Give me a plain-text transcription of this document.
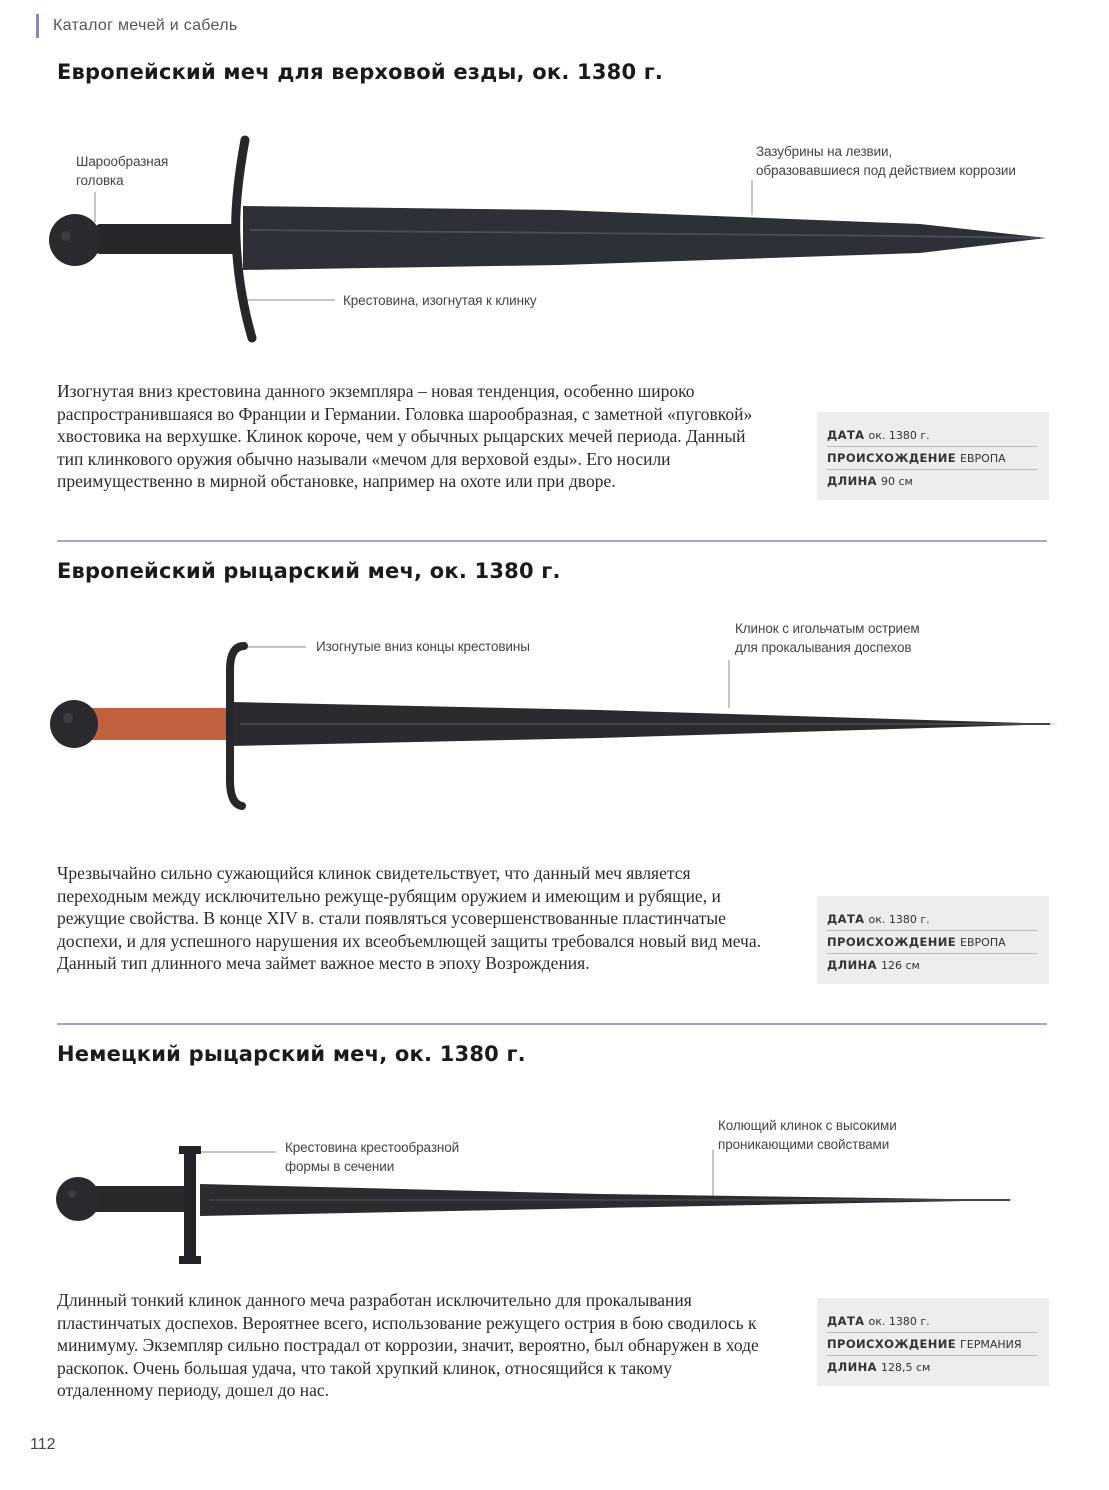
Каталог мечей и сабель
Европейский меч для верховой езды, ок. 1380 г.
Шарообразная
головка
Зазубрины на лезвии,
образовавшиеся под действием коррозии
Крестовина, изогнутая к клинку
Изогнутая вниз крестовина данного экземпляра – новая тенденция, особенно широко распространившаяся во Франции и Германии. Головка шарообразная, с заметной «пуговкой» хвостовика на верхушке. Клинок короче, чем у обычных рыцарских мечей периода. Данный тип клинкового оружия обычно называли «мечом для верховой езды». Его носили преимущественно в мирной обстановке, например на охоте или при дворе.
ДАТА ок. 1380 г.
ПРОИСХОЖДЕНИЕ ЕВРОПА
ДЛИНА 90 см
Европейский рыцарский меч, ок. 1380 г.
Изогнутые вниз концы крестовины
Клинок с игольчатым острием
для прокалывания доспехов
Чрезвычайно сильно сужающийся клинок свидетельствует, что данный меч является переходным между исключительно режуще-рубящим оружием и имеющим и рубящие, и режущие свойства. В конце XIV в. стали появляться усовершенствованные пластинчатые доспехи, и для успешного нарушения их всеобъемлющей защиты требовался новый вид меча. Данный тип длинного меча займет важное место в эпоху Возрождения.
ДАТА ок. 1380 г.
ПРОИСХОЖДЕНИЕ ЕВРОПА
ДЛИНА 126 см
Немецкий рыцарский меч, ок. 1380 г.
Крестовина крестообразной
формы в сечении
Колющий клинок с высокими
проникающими свойствами
Длинный тонкий клинок данного меча разработан исключительно для прокалывания пластинчатых доспехов. Вероятнее всего, использование режущего острия в бою сводилось к минимуму. Экземпляр сильно пострадал от коррозии, значит, вероятно, был обнаружен в ходе раскопок. Очень большая удача, что такой хрупкий клинок, относящийся к такому отдаленному периоду, дошел до нас.
ДАТА ок. 1380 г.
ПРОИСХОЖДЕНИЕ ГЕРМАНИЯ
ДЛИНА 128,5 см
112
